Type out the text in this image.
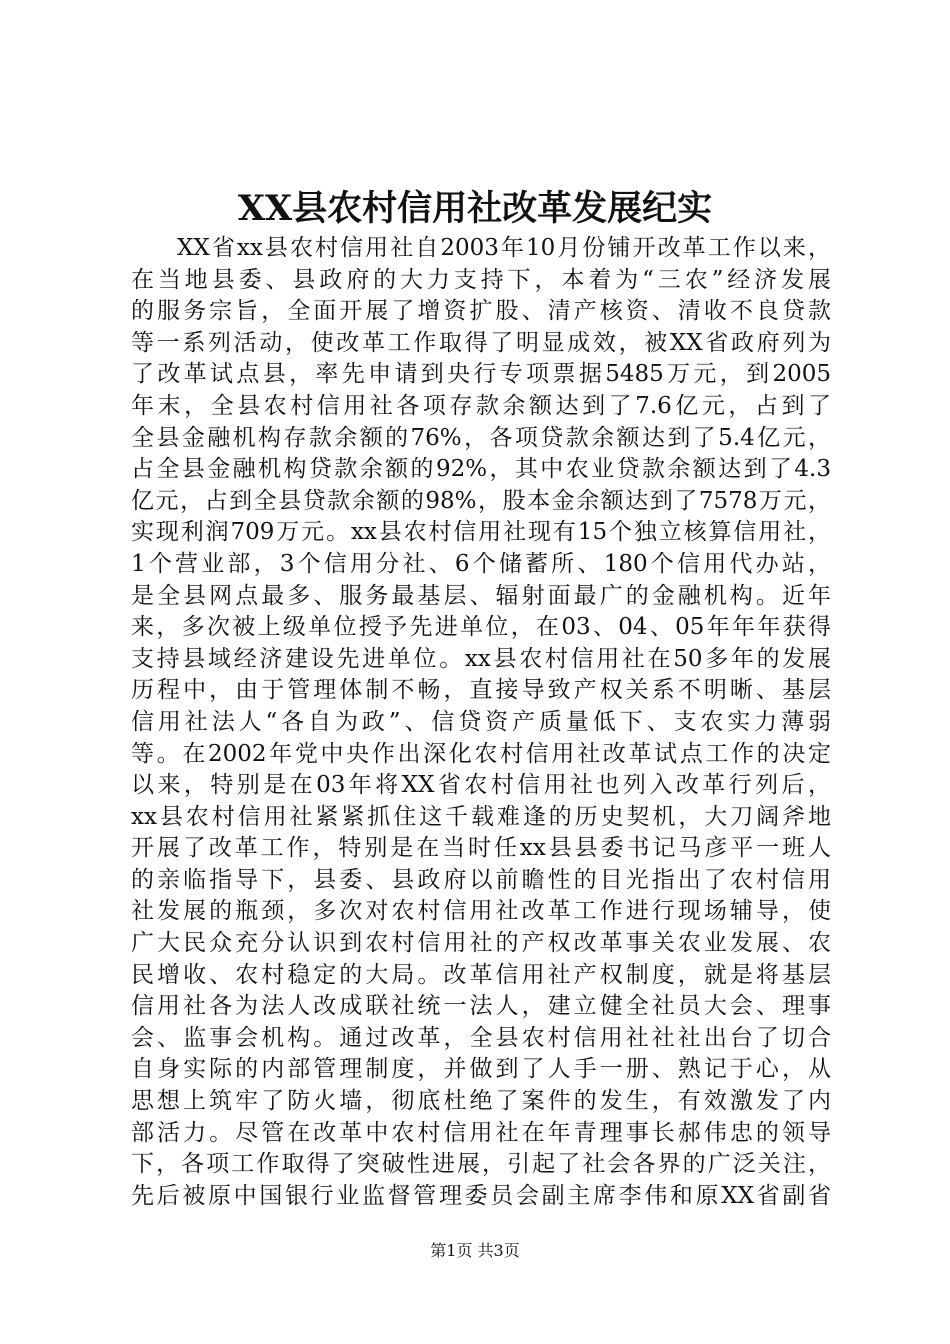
XX县农村信用社改革发展纪实
XX省xx县农村信用社自2003年10月份铺开改革工作以来，
在当地县委、县政府的大力支持下，本着为“三农”经济发展
的服务宗旨，全面开展了增资扩股、清产核资、清收不良贷款
等一系列活动，使改革工作取得了明显成效，被XX省政府列为
了改革试点县，率先申请到央行专项票据5485万元，到2005
年末，全县农村信用社各项存款余额达到了7.6亿元，占到了
全县金融机构存款余额的76%，各项贷款余额达到了5.4亿元，
占全县金融机构贷款余额的92%，其中农业贷款余额达到了4.3
亿元，占到全县贷款余额的98%，股本金余额达到了7578万元，
实现利润709万元。xx县农村信用社现有15个独立核算信用社，
1个营业部，3个信用分社、6个储蓄所、180个信用代办站，
是全县网点最多、服务最基层、辐射面最广的金融机构。近年
来，多次被上级单位授予先进单位，在03、04、05年年年获得
支持县域经济建设先进单位。xx县农村信用社在50多年的发展
历程中，由于管理体制不畅，直接导致产权关系不明晰、基层
信用社法人“各自为政”、信贷资产质量低下、支农实力薄弱
等。在2002年党中央作出深化农村信用社改革试点工作的决定
以来，特别是在03年将XX省农村信用社也列入改革行列后，
xx县农村信用社紧紧抓住这千载难逢的历史契机，大刀阔斧地
开展了改革工作，特别是在当时任xx县县委书记马彦平一班人
的亲临指导下，县委、县政府以前瞻性的目光指出了农村信用
社发展的瓶颈，多次对农村信用社改革工作进行现场辅导，使
广大民众充分认识到农村信用社的产权改革事关农业发展、农
民增收、农村稳定的大局。改革信用社产权制度，就是将基层
信用社各为法人改成联社统一法人，建立健全社员大会、理事
会、监事会机构。通过改革，全县农村信用社社社出台了切合
自身实际的内部管理制度，并做到了人手一册、熟记于心，从
思想上筑牢了防火墙，彻底杜绝了案件的发生，有效激发了内
部活力。尽管在改革中农村信用社在年青理事长郝伟忠的领导
下，各项工作取得了突破性进展，引起了社会各界的广泛关注，
先后被原中国银行业监督管理委员会副主席李伟和原XX省副省
第1页 共3页
